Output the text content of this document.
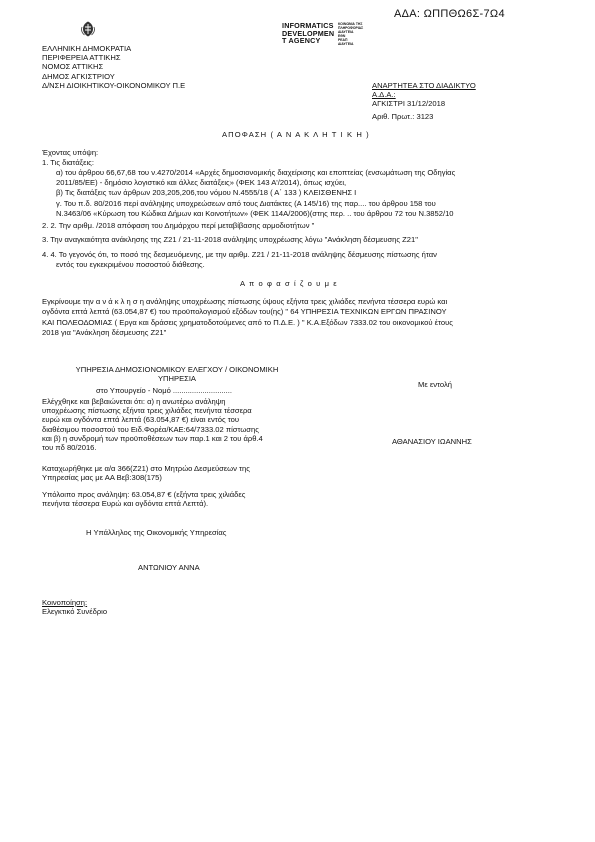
ΑΔΑ: ΩΠΠΘΩ6Σ-7Ω4
INFORMATICS
DEVELOPMEN
T AGENCY
ΚΟΙΝΩΝΙΑ ΤΗΣ
ΠΛΗΡΟΦΟΡΙΑΣ
ΔΙΑΥΓΕΙΑ
ΕΘΝ
ΡΕΑΠ
ΔΙΑΥΓΕΙΑ
ΕΛΛΗΝΙΚΗ ΔΗΜΟΚΡΑΤΙΑ
ΠΕΡΙΦΕΡΕΙΑ ΑΤΤΙΚΗΣ
ΝΟΜΟΣ ΑΤΤΙΚΗΣ
ΔΗΜΟΣ ΑΓΚΙΣΤΡΙΟΥ
Δ/ΝΣΗ ΔΙΟΙΚΗΤΙΚΟΥ-ΟΙΚΟΝΟΜΙΚΟΥ Π.Ε	ΑΝΑΡΤΗΤΕΑ ΣΤΟ ΔΙΑΔΙΚΤΥΟ
Α.Δ.Α.:
ΑΓΚΙΣΤΡΙ 31/12/2018
Αριθ. Πρωτ.: 3123
ΑΠΟΦΑΣΗ ( Α Ν Α Κ Λ Η Τ Ι Κ Η )
Έχοντας υπόψη:
1. Τις διατάξεις:
α) του άρθρου 66,67,68 του ν.4270/2014 «Αρχές δημοσιονομικής διαχείρισης και εποπτείας (ενσωμάτωση της Οδηγίας
2011/85/ΕΕ) - δημόσιο λογιστικό και άλλες διατάξεις» (ΦΕΚ 143 Α'/2014), όπως ισχύει,
β) Τις διατάξεις των άρθρων 203,205,206,του νόμου Ν.4555/18 ( Α΄ 133 ) ΚΛΕΙΣΘΕΝΗΣ Ι
γ. Του π.δ. 80/2016 περί ανάληψης υποχρεώσεων από τους Διατάκτες (Α 145/16) της παρ.... του άρθρου 158 του
Ν.3463/06 «Κύρωση του Κώδικα Δήμων και Κοινοτήτων» (ΦΕΚ 114Α/2006)(στης περ. .. του άρθρου 72 του Ν.3852/10
2. 2. Την αριθμ. /2018 απόφαση του Δημάρχου περί μεταβίβασης αρμοδιοτήτων "
3. Την αναγκαιότητα ανάκλησης της Ζ21 / 21-11-2018 ανάληψης υποχρέωσης λόγω "Ανάκληση δέσμευσης Ζ21"
4. 4. Το γεγονός ότι, το ποσό της δεσμευόμενης, με την αριθμ. Ζ21 / 21-11-2018 ανάληψης δέσμευσης πίστωσης ήταν
εντός του εγκεκριμένου ποσοστού διάθεσης.
Α π ο φ α σ ί ζ ο υ μ ε
Εγκρίνουμε την α ν ά κ λ η σ η ανάληψης υποχρέωσης πίστωσης ύψους εξήντα τρεις χιλιάδες πενήντα τέσσερα ευρώ και
ογδόντα επτά λεπτά (63.054,87 €) του προϋπολογισμού εξόδων του(ης) " 64 ΥΠΗΡΕΣΙΑ ΤΕΧΝΙΚΩΝ ΕΡΓΩΝ ΠΡΑΣΙΝΟΥ
ΚΑΙ ΠΟΛΕΟΔΟΜΙΑΣ ( Εργα και δράσεις χρηματοδοτούμενες από το Π.Δ.Ε. ) " Κ.Α.Εξόδων 7333.02 του οικονομικού έτους
2018 για "Ανάκληση δέσμευσης Ζ21"
ΥΠΗΡΕΣΙΑ ΔΗΜΟΣΙΟΝΟΜΙΚΟΥ ΕΛΕΓΧΟΥ / ΟΙΚΟΝΟΜΙΚΗ
ΥΠΗΡΕΣΙΑ
στο Υπουργείο - Νομό ............................
Ελέγχθηκε και βεβαιώνεται ότι: α) η ανωτέρω ανάληψη
υποχρέωσης πίστωσης εξήντα τρεις χιλιάδες πενήντα τέσσερα
ευρώ και ογδόντα επτά λεπτά (63.054,87 €) είναι εντός του
διαθέσιμου ποσοστού του Ειδ.Φορέα/ΚΑΕ:64/7333.02 πίστωσης
και β) η συνδρομή των προϋποθέσεων των παρ.1 και 2 του άρθ.4
του πδ 80/2016.
Καταχωρήθηκε με α/α 366(Ζ21) στο Μητρώο Δεσμεύσεων της
Υπηρεσίας μας με ΑΑ Βεβ:308(175)
Υπόλοιπο προς ανάληψη: 63.054,87 € (εξήντα τρεις χιλιάδες
πενήντα τέσσερα Ευρώ και ογδόντα επτά Λεπτά).
Η Υπάλληλος της Οικονομικής Υπηρεσίας
ΑΝΤΩΝΙΟΥ ΑΝΝΑ
Με εντολή
ΑΘΑΝΑΣΙΟΥ ΙΩΑΝΝΗΣ
Κοινοποίηση:
Ελεγκτικό Συνέδριο
